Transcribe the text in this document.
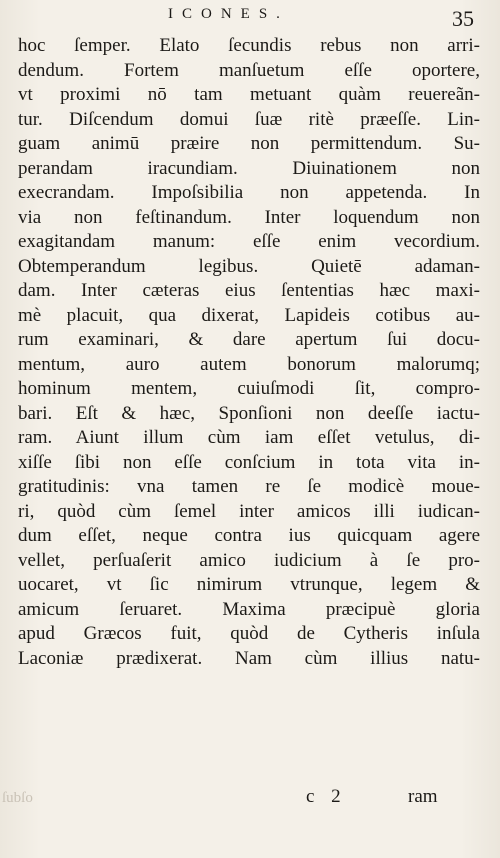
ICONES.	35
hoc ſemper. Elato ſecundis rebus non arri-
dendum. Fortem manſuetum eſſe oportere,
vt proximi nō tam metuant quàm reuereãn-
tur. Diſcendum domui ſuæ ritè præeſſe. Lin-
guam animū præire non permittendum. Su-
perandam iracundiam. Diuinationem non
execrandam. Impoſsibilia non appetenda. In
via non feſtinandum. Inter loquendum non
exagitandam manum: eſſe enim vecordium.
Obtemperandum legibus. Quietē adaman-
dam. Inter cæteras eius ſententias hæc maxi-
mè placuit, qua dixerat, Lapideis cotibus au-
rum examinari, & dare apertum ſui docu-
mentum, auro autem bonorum malorumq;
hominum mentem, cuiuſmodi ſit, compro-
bari. Eſt & hæc, Sponſioni non deeſſe iactu-
ram. Aiunt illum cùm iam eſſet vetulus, di-
xiſſe ſibi non eſſe conſcium in tota vita in-
gratitudinis: vna tamen re ſe modicè moue-
ri, quòd cùm ſemel inter amicos illi iudican-
dum eſſet, neque contra ius quicquam agere
vellet, perſuaſerit amico iudicium à ſe pro-
uocaret, vt ſic nimirum vtrunque, legem &
amicum ſeruaret. Maxima præcipuè gloria
apud Græcos fuit, quòd de Cytheris inſula
Laconiæ prædixerat. Nam cùm illius natu-
ſubſo	c 2	ram
